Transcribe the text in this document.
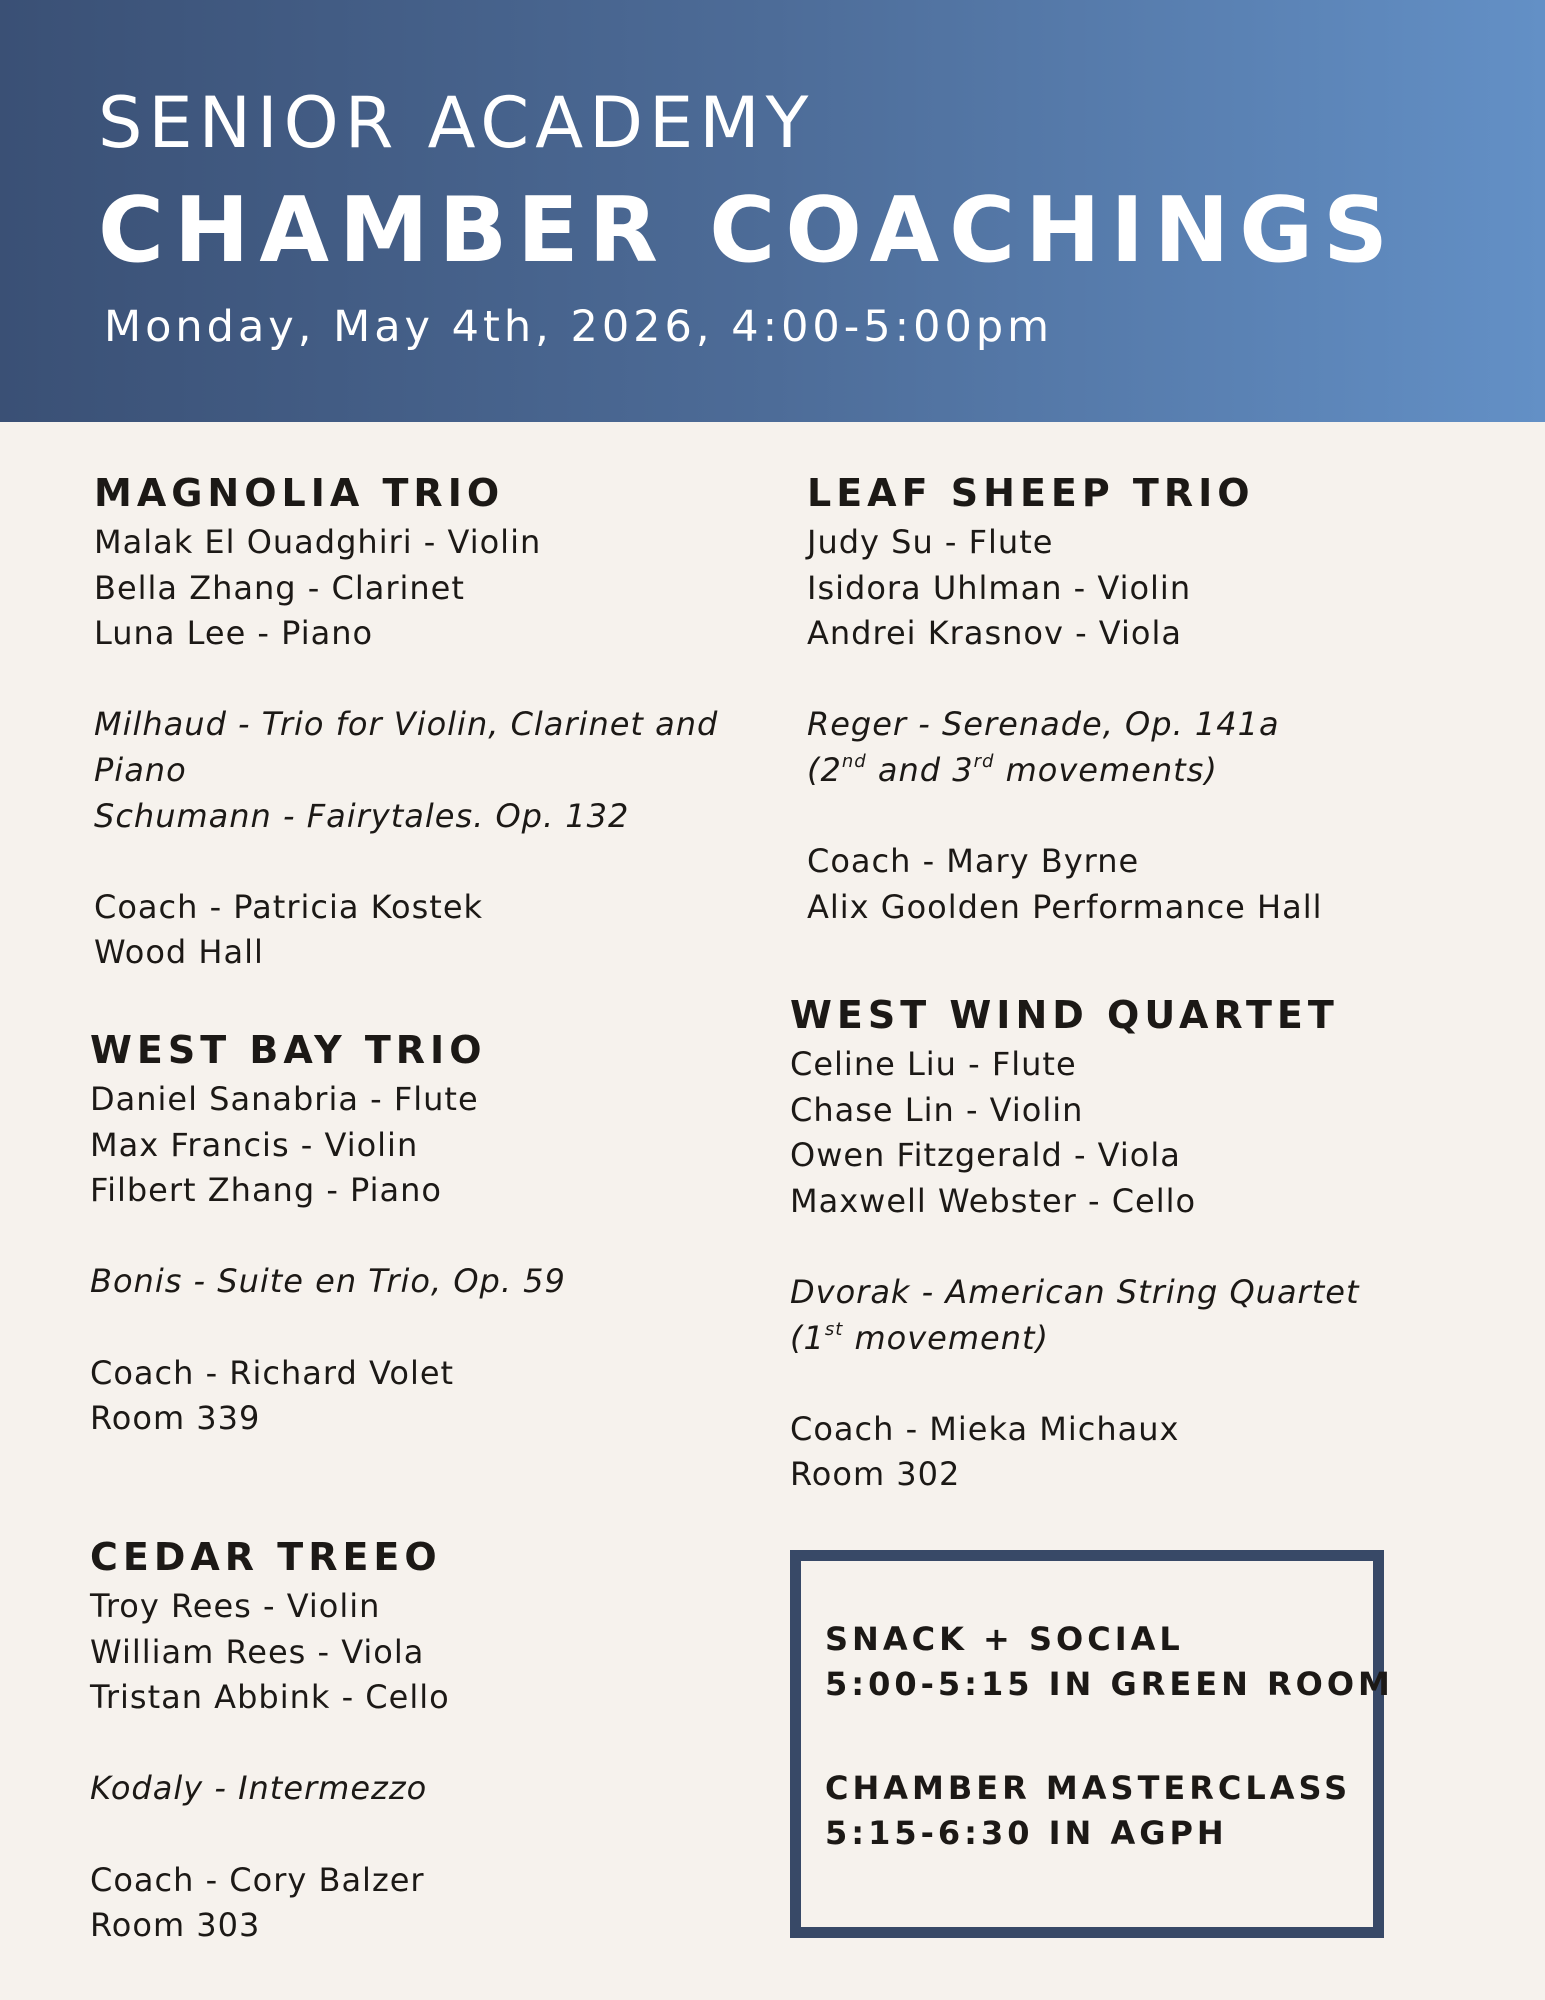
SENIOR ACADEMY
CHAMBER COACHINGS
Monday, May 4th, 2026, 4:00-5:00pm
MAGNOLIA TRIO
Malak El Ouadghiri - Violin
Bella Zhang - Clarinet
Luna Lee - Piano
Milhaud - Trio for Violin, Clarinet and
Piano
Schumann - Fairytales. Op. 132
Coach - Patricia Kostek
Wood Hall
LEAF SHEEP TRIO
Judy Su - Flute
Isidora Uhlman - Violin
Andrei Krasnov - Viola
Reger - Serenade, Op. 141a
(2nd and 3rd movements)
Coach - Mary Byrne
Alix Goolden Performance Hall
WEST BAY TRIO
Daniel Sanabria - Flute
Max Francis - Violin
Filbert Zhang - Piano
Bonis - Suite en Trio, Op. 59
Coach - Richard Volet
Room 339
WEST WIND QUARTET
Celine Liu - Flute
Chase Lin - Violin
Owen Fitzgerald - Viola
Maxwell Webster - Cello
Dvorak - American String Quartet
(1st movement)
Coach - Mieka Michaux
Room 302
CEDAR TREEO
Troy Rees - Violin
William Rees - Viola
Tristan Abbink - Cello
Kodaly - Intermezzo
Coach - Cory Balzer
Room 303
SNACK + SOCIAL
5:00-5:15 IN GREEN ROOM
CHAMBER MASTERCLASS
5:15-6:30 IN AGPH
